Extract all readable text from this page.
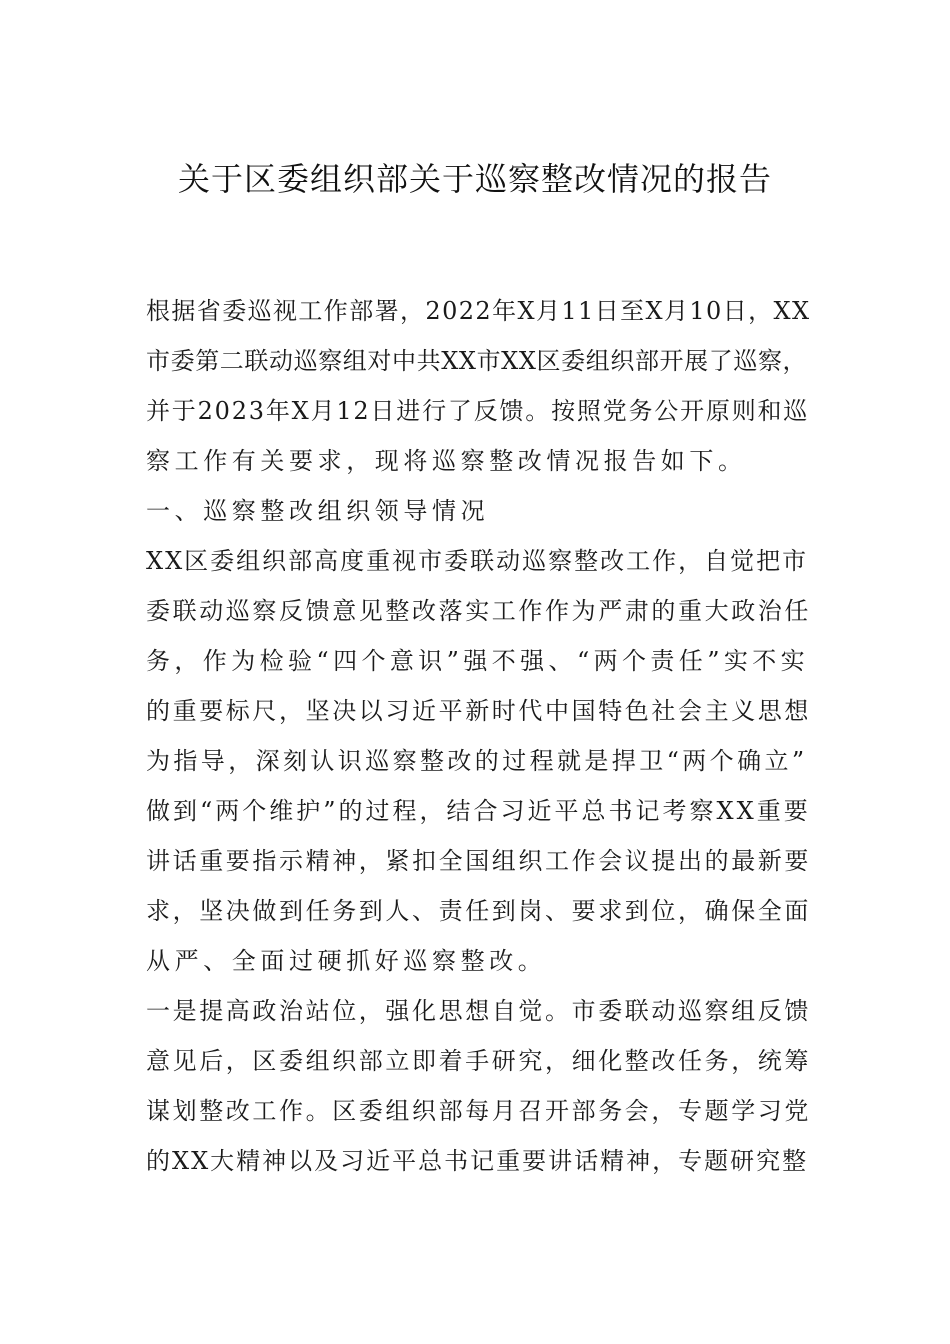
关于区委组织部关于巡察整改情况的报告

根据省委巡视工作部署，2022年X月11日至X月10日，XX
市委第二联动巡察组对中共XX市XX区委组织部开展了巡察，
并于2023年X月12日进行了反馈。按照党务公开原则和巡
察工作有关要求，现将巡察整改情况报告如下。

一、巡察整改组织领导情况

XX区委组织部高度重视市委联动巡察整改工作，自觉把市
委联动巡察反馈意见整改落实工作作为严肃的重大政治任
务，作为检验“四个意识”强不强、“两个责任”实不实
的重要标尺，坚决以习近平新时代中国特色社会主义思想
为指导，深刻认识巡察整改的过程就是捍卫“两个确立”
做到“两个维护”的过程，结合习近平总书记考察XX重要
讲话重要指示精神，紧扣全国组织工作会议提出的最新要
求，坚决做到任务到人、责任到岗、要求到位，确保全面
从严、全面过硬抓好巡察整改。

一是提高政治站位，强化思想自觉。市委联动巡察组反馈
意见后，区委组织部立即着手研究，细化整改任务，统筹
谋划整改工作。区委组织部每月召开部务会，专题学习党
的XX大精神以及习近平总书记重要讲话精神，专题研究整
